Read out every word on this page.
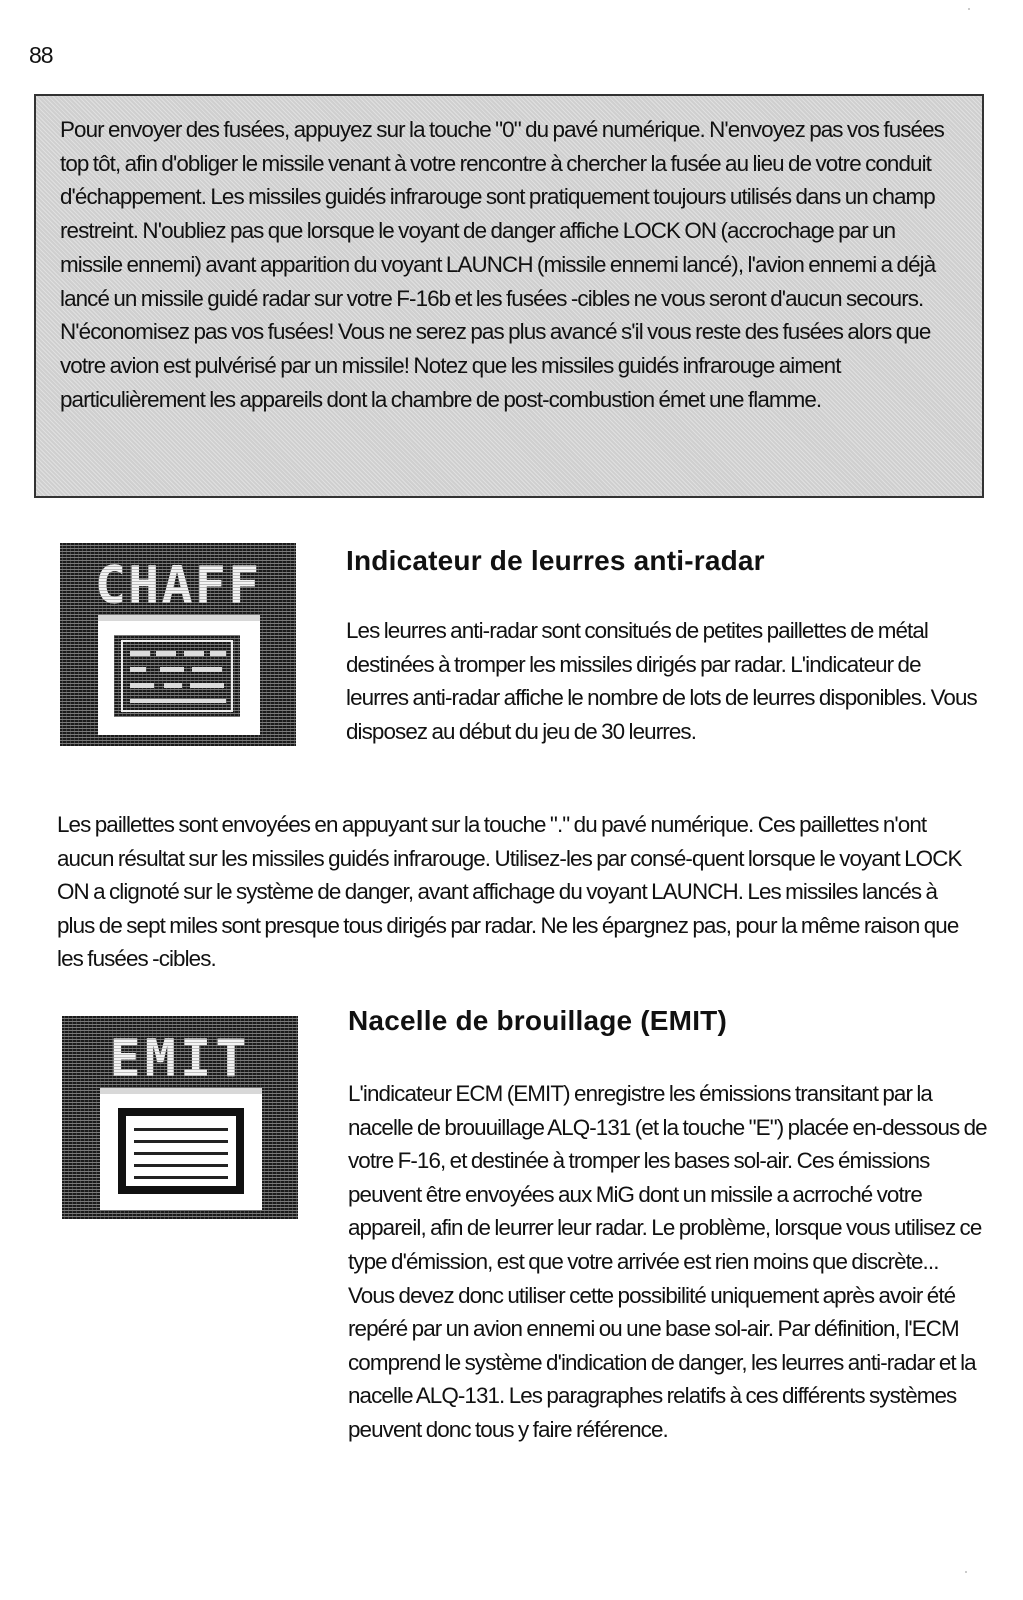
88

Pour envoyer des fusées, appuyez sur la touche "0" du pavé numérique. N'envoyez pas vos fusées top tôt, afin d'obliger le missile venant à votre rencontre à chercher la fusée au lieu de votre conduit d'échappement. Les missiles guidés infrarouge sont pratiquement toujours utilisés dans un champ restreint. N'oubliez pas que lorsque le voyant de danger affiche LOCK ON (accrochage par un missile ennemi) avant apparition du voyant LAUNCH (missile ennemi lancé), l'avion ennemi a déjà lancé un missile guidé radar sur votre F-16b et les fusées -cibles ne vous seront d'aucun secours. N'économisez pas vos fusées! Vous ne serez pas plus avancé s'il vous reste des fusées alors que votre avion est pulvérisé par un missile! Notez que les missiles guidés infrarouge aiment particulièrement les appareils dont la chambre de post-combustion émet une flamme.

CHAFF	Indicateur de leurres anti-radar

Les leurres anti-radar sont consitués de petites paillettes de métal destinées à tromper les missiles dirigés par radar. L'indicateur de leurres anti-radar affiche le nombre de lots de leurres disponibles. Vous disposez au début du jeu de 30 leurres.

Les paillettes sont envoyées en appuyant sur la touche "." du pavé numérique. Ces paillettes n'ont aucun résultat sur les missiles guidés infrarouge. Utilisez-les par consé-quent lorsque le voyant LOCK ON a clignoté sur le système de danger, avant affichage du voyant LAUNCH. Les missiles lancés à plus de sept miles sont presque tous dirigés par radar. Ne les épargnez pas, pour la même raison que les fusées -cibles.

EMIT
Nacelle de brouillage (EMIT)

L'indicateur ECM (EMIT) enregistre les émissions transitant par la nacelle de brouuillage ALQ-131 (et la touche "E") placée en-dessous de votre F-16, et destinée à tromper les bases sol-air. Ces émissions peuvent être envoyées aux MiG dont un missile a acrroché votre appareil, afin de leurrer leur radar. Le problème, lorsque vous utilisez ce type d'émission, est que votre arrivée est rien moins que discrète... Vous devez donc utiliser cette possibilité uniquement après avoir été repéré par un avion ennemi ou une base sol-air. Par définition, l'ECM comprend le système d'indication de danger, les leurres anti-radar et la nacelle ALQ-131. Les paragraphes relatifs à ces différents systèmes peuvent donc tous y faire référence.
